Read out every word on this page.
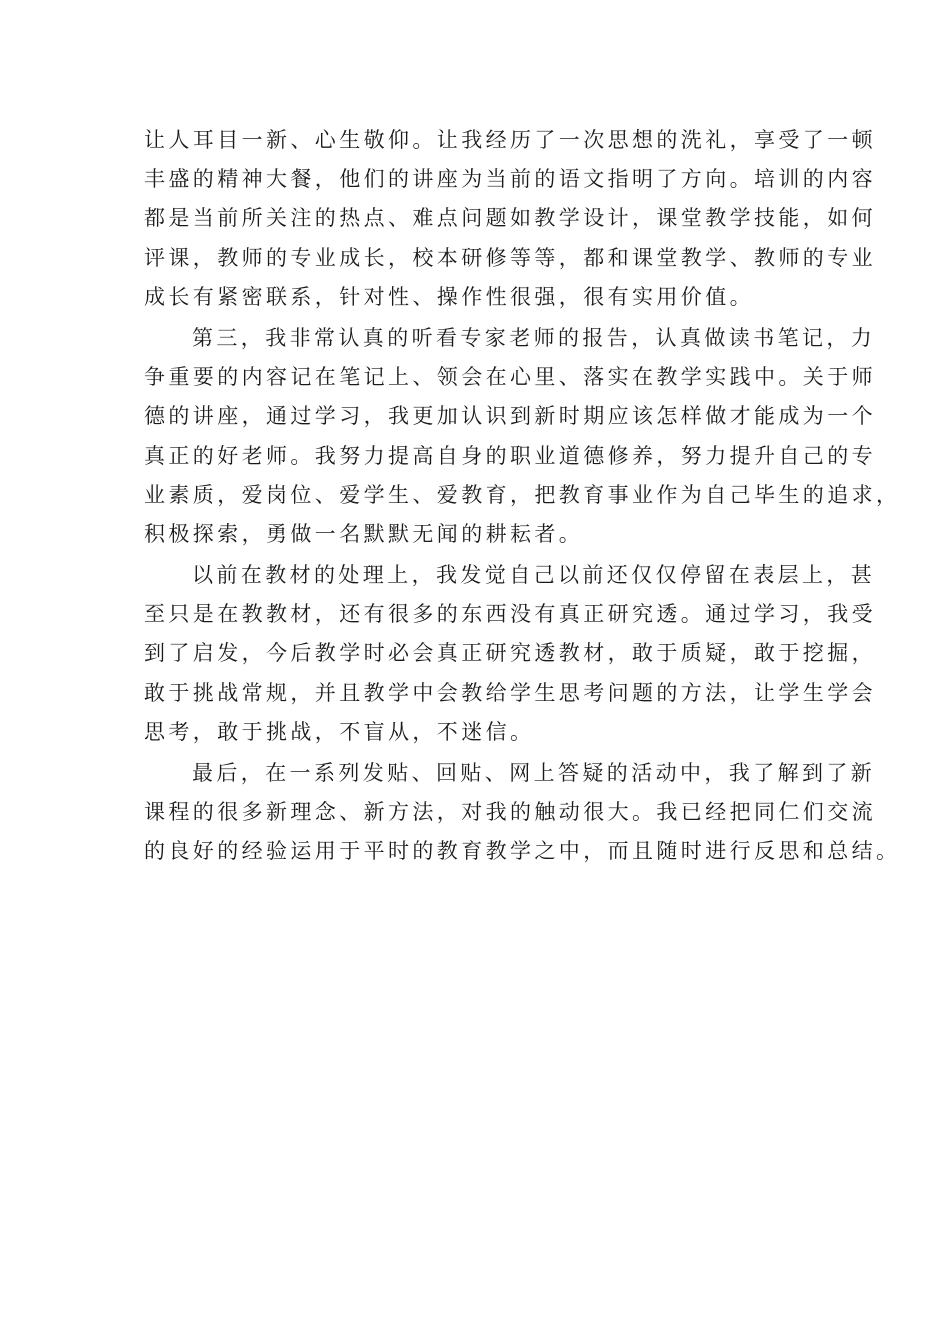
让人耳目一新、心生敬仰。让我经历了一次思想的洗礼，享受了一顿
丰盛的精神大餐，他们的讲座为当前的语文指明了方向。培训的内容
都是当前所关注的热点、难点问题如教学设计，课堂教学技能，如何
评课，教师的专业成长，校本研修等等，都和课堂教学、教师的专业
成长有紧密联系，针对性、操作性很强，很有实用价值。
第三，我非常认真的听看专家老师的报告，认真做读书笔记，力
争重要的内容记在笔记上、领会在心里、落实在教学实践中。关于师
德的讲座，通过学习，我更加认识到新时期应该怎样做才能成为一个
真正的好老师。我努力提高自身的职业道德修养，努力提升自己的专
业素质，爱岗位、爱学生、爱教育，把教育事业作为自己毕生的追求，
积极探索，勇做一名默默无闻的耕耘者。
以前在教材的处理上，我发觉自己以前还仅仅停留在表层上，甚
至只是在教教材，还有很多的东西没有真正研究透。通过学习，我受
到了启发，今后教学时必会真正研究透教材，敢于质疑，敢于挖掘，
敢于挑战常规，并且教学中会教给学生思考问题的方法，让学生学会
思考，敢于挑战，不盲从，不迷信。
最后，在一系列发贴、回贴、网上答疑的活动中，我了解到了新
课程的很多新理念、新方法，对我的触动很大。我已经把同仁们交流
的良好的经验运用于平时的教育教学之中，而且随时进行反思和总结。
